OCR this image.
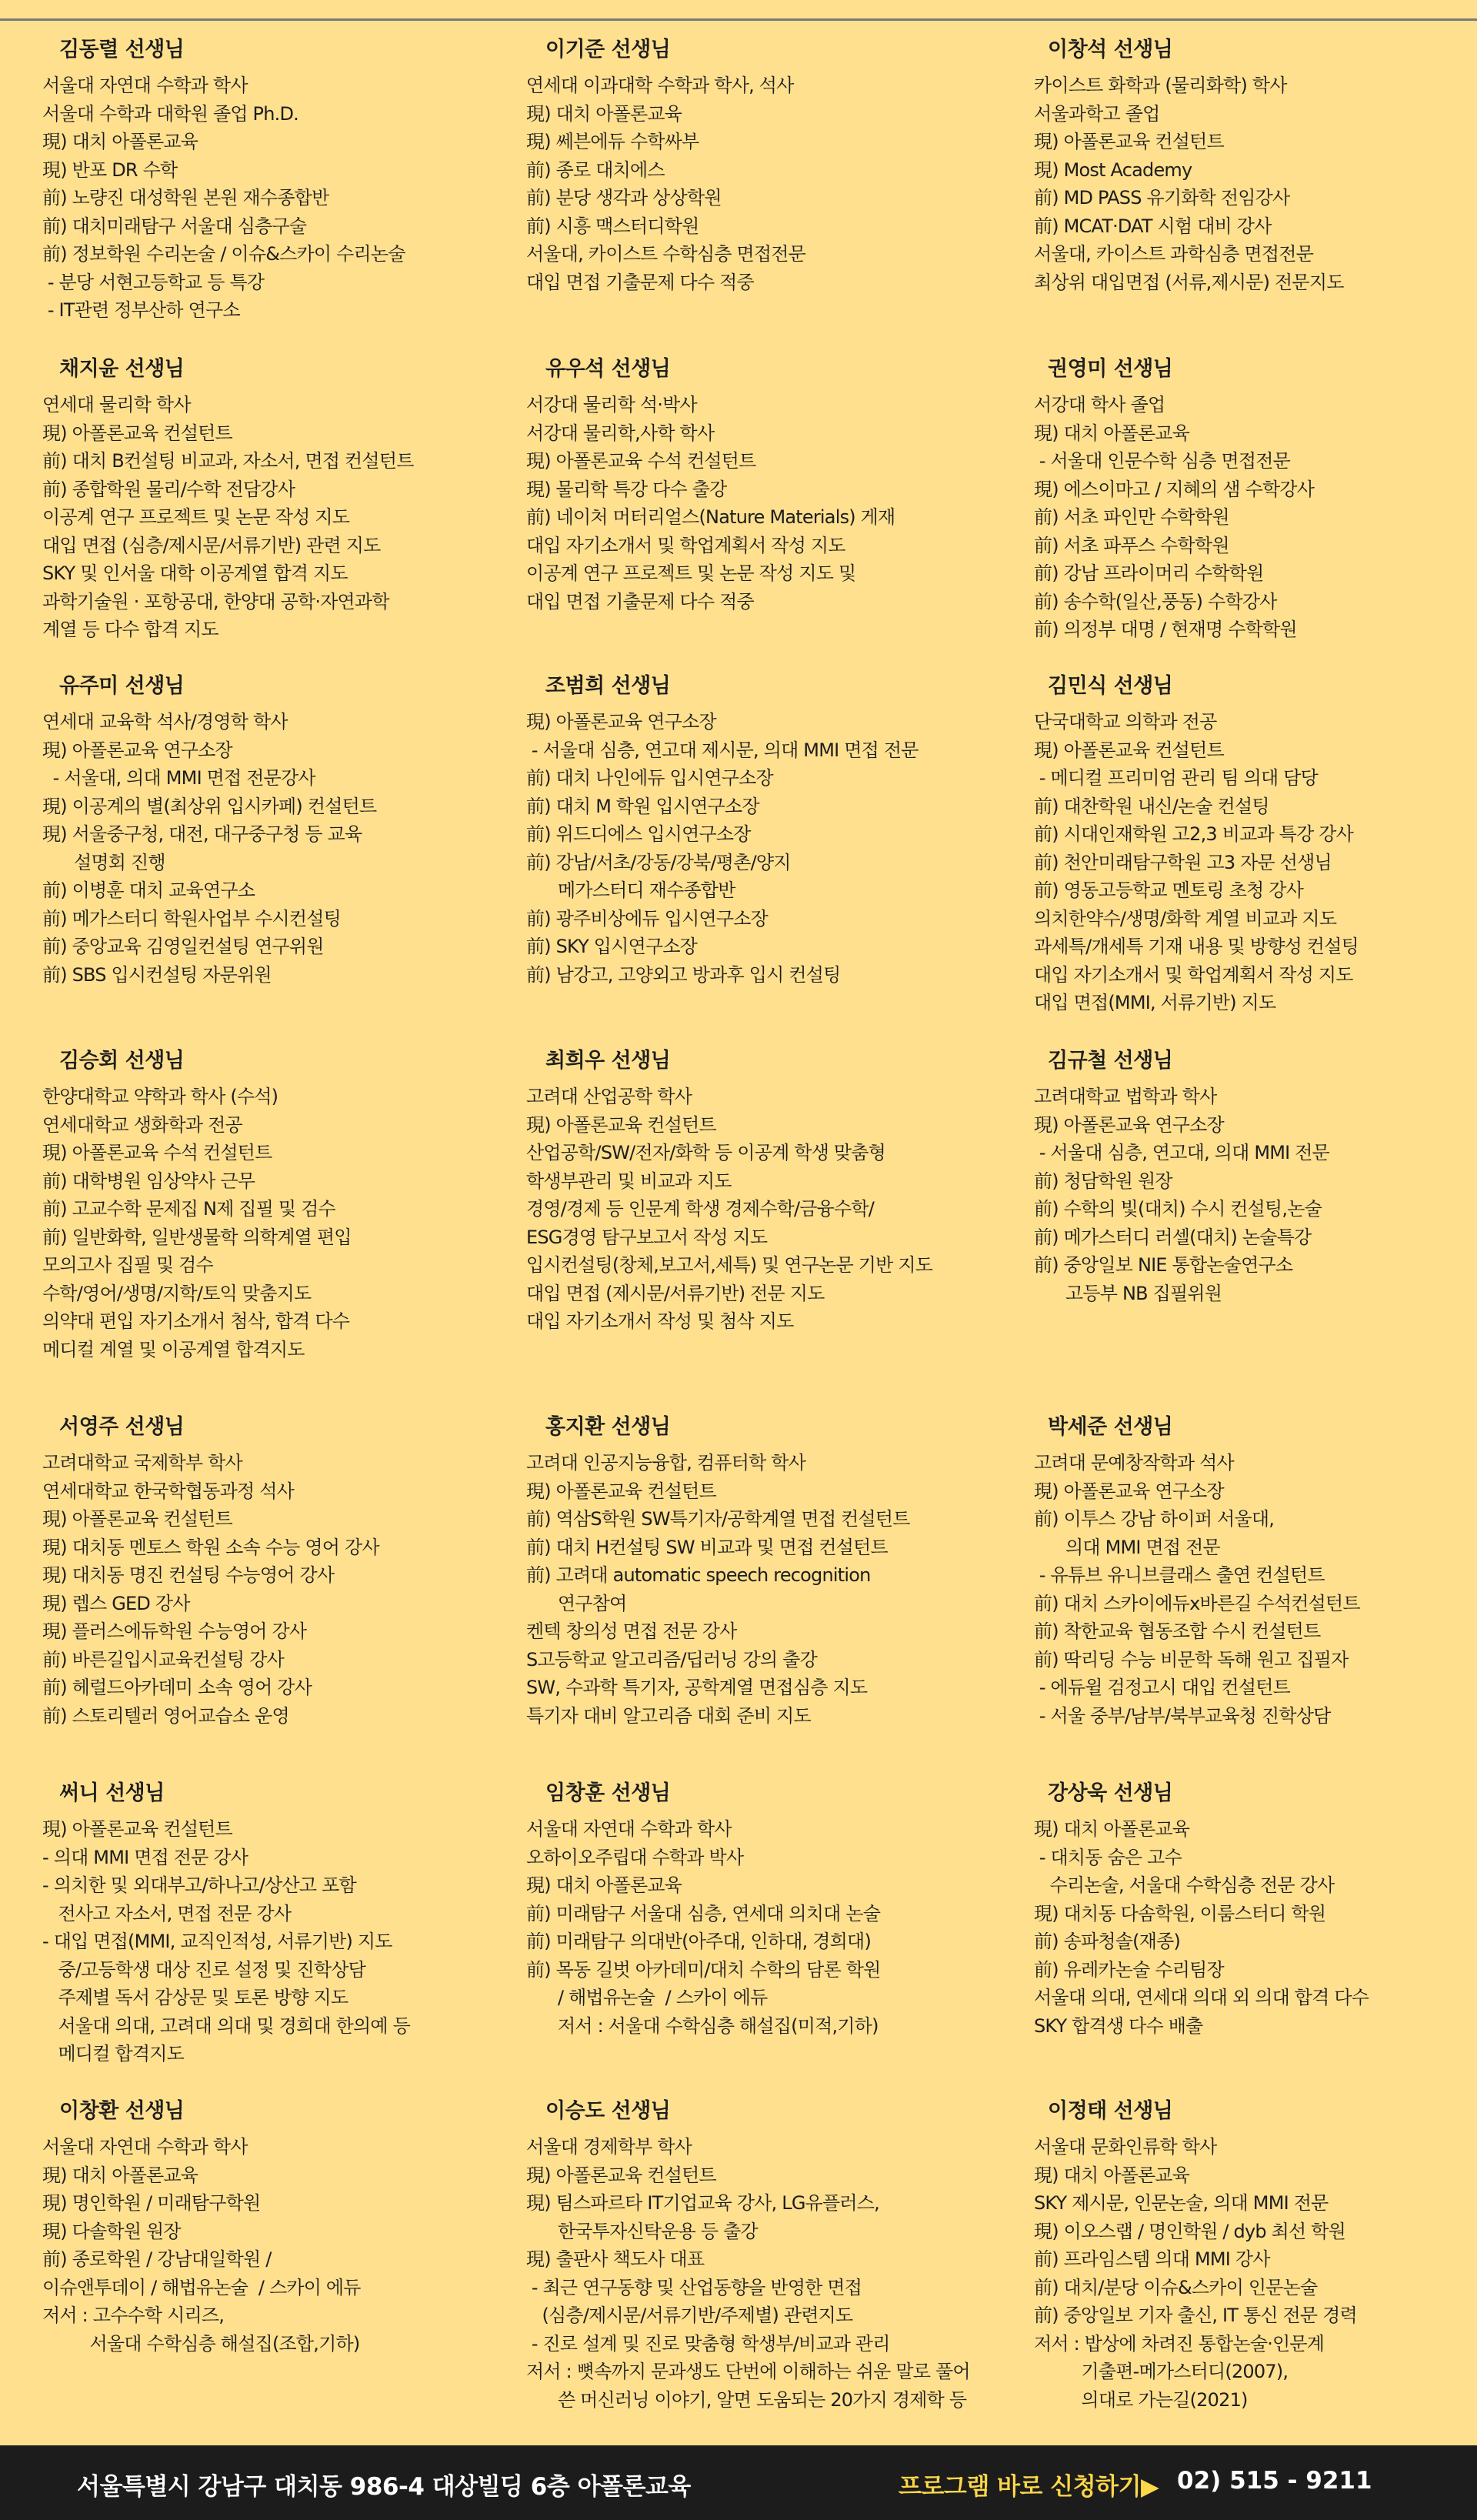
김동렬 선생님
서울대 자연대 수학과 학사
서울대 수학과 대학원 졸업 Ph.D.
現) 대치 아폴론교육
現) 반포 DR 수학
前) 노량진 대성학원 본원 재수종합반
前) 대치미래탐구 서울대 심층구술
前) 정보학원 수리논술 / 이슈&스카이 수리논술
- 분당 서현고등학교 등 특강
- IT관련 정부산하 연구소
이기준 선생님
연세대 이과대학 수학과 학사, 석사
現) 대치 아폴론교육
現) 쎄븐에듀 수학싸부
前) 종로 대치에스
前) 분당 생각과 상상학원
前) 시흥 맥스터디학원
서울대, 카이스트 수학심층 면접전문
대입 면접 기출문제 다수 적중
이창석 선생님
카이스트 화학과 (물리화학) 학사
서울과학고 졸업
現) 아폴론교육 컨설턴트
現) Most Academy
前) MD PASS 유기화학 전임강사
前) MCAT·DAT 시험 대비 강사
서울대, 카이스트 과학심층 면접전문
최상위 대입면접 (서류,제시문) 전문지도
채지윤 선생님
연세대 물리학 학사
現) 아폴론교육 컨설턴트
前) 대치 B컨설팅 비교과, 자소서, 면접 컨설턴트
前) 종합학원 물리/수학 전담강사
이공계 연구 프로젝트 및 논문 작성 지도
대입 면접 (심층/제시문/서류기반) 관련 지도
SKY 및 인서울 대학 이공계열 합격 지도
과학기술원 · 포항공대, 한양대 공학·자연과학
계열 등 다수 합격 지도
유우석 선생님
서강대 물리학 석·박사
서강대 물리학,사학 학사
現) 아폴론교육 수석 컨설턴트
現) 물리학 특강 다수 출강
前) 네이처 머터리얼스(Nature Materials) 게재
대입 자기소개서 및 학업계획서 작성 지도
이공계 연구 프로젝트 및 논문 작성 지도 및
대입 면접 기출문제 다수 적중
권영미 선생님
서강대 학사 졸업
現) 대치 아폴론교육
- 서울대 인문수학 심층 면접전문
現) 에스이마고 / 지혜의 샘 수학강사
前) 서초 파인만 수학학원
前) 서초 파푸스 수학학원
前) 강남 프라이머리 수학학원
前) 송수학(일산,풍동) 수학강사
前) 의정부 대명 / 현재명 수학학원
유주미 선생님
연세대 교육학 석사/경영학 학사
現) 아폴론교육 연구소장
- 서울대, 의대 MMI 면접 전문강사
現) 이공계의 별(최상위 입시카페) 컨설턴트
現) 서울중구청, 대전, 대구중구청 등 교육
설명회 진행
前) 이병훈 대치 교육연구소
前) 메가스터디 학원사업부 수시컨설팅
前) 중앙교육 김영일컨설팅 연구위원
前) SBS 입시컨설팅 자문위원
조범희 선생님
現) 아폴론교육 연구소장
- 서울대 심층, 연고대 제시문, 의대 MMI 면접 전문
前) 대치 나인에듀 입시연구소장
前) 대치 M 학원 입시연구소장
前) 위드디에스 입시연구소장
前) 강남/서초/강동/강북/평촌/양지
메가스터디 재수종합반
前) 광주비상에듀 입시연구소장
前) SKY 입시연구소장
前) 남강고, 고양외고 방과후 입시 컨설팅
김민식 선생님
단국대학교 의학과 전공
現) 아폴론교육 컨설턴트
- 메디컬 프리미엄 관리 팀 의대 담당
前) 대찬학원 내신/논술 컨설팅
前) 시대인재학원 고2,3 비교과 특강 강사
前) 천안미래탐구학원 고3 자문 선생님
前) 영동고등학교 멘토링 초청 강사
의치한약수/생명/화학 계열 비교과 지도
과세특/개세특 기재 내용 및 방향성 컨설팅
대입 자기소개서 및 학업계획서 작성 지도
대입 면접(MMI, 서류기반) 지도
김승회 선생님
한양대학교 약학과 학사 (수석)
연세대학교 생화학과 전공
現) 아폴론교육 수석 컨설턴트
前) 대학병원 임상약사 근무
前) 고교수학 문제집 N제 집필 및 검수
前) 일반화학, 일반생물학 의학계열 편입
모의고사 집필 및 검수
수학/영어/생명/지학/토익 맞춤지도
의약대 편입 자기소개서 첨삭, 합격 다수
메디컬 계열 및 이공계열 합격지도
최희우 선생님
고려대 산업공학 학사
現) 아폴론교육 컨설턴트
산업공학/SW/전자/화학 등 이공계 학생 맞춤형
학생부관리 및 비교과 지도
경영/경제 등 인문계 학생 경제수학/금융수학/
ESG경영 탐구보고서 작성 지도
입시컨설팅(창체,보고서,세특) 및 연구논문 기반 지도
대입 면접 (제시문/서류기반) 전문 지도
대입 자기소개서 작성 및 첨삭 지도
김규철 선생님
고려대학교 법학과 학사
現) 아폴론교육 연구소장
- 서울대 심층, 연고대, 의대 MMI 전문
前) 청담학원 원장
前) 수학의 빛(대치) 수시 컨설팅,논술
前) 메가스터디 러셀(대치) 논술특강
前) 중앙일보 NIE 통합논술연구소
고등부 NB 집필위원
서영주 선생님
고려대학교 국제학부 학사
연세대학교 한국학협동과정 석사
現) 아폴론교육 컨설턴트
現) 대치동 멘토스 학원 소속 수능 영어 강사
現) 대치동 명진 컨설팅 수능영어 강사
現) 렙스 GED 강사
現) 플러스에듀학원 수능영어 강사
前) 바른길입시교육컨설팅 강사
前) 헤럴드아카데미 소속 영어 강사
前) 스토리텔러 영어교습소 운영
홍지환 선생님
고려대 인공지능융합, 컴퓨터학 학사
現) 아폴론교육 컨설턴트
前) 역삼S학원 SW특기자/공학계열 면접 컨설턴트
前) 대치 H컨설팅 SW 비교과 및 면접 컨설턴트
前) 고려대 automatic speech recognition
연구참여
켄텍 창의성 면접 전문 강사
S고등학교 알고리즘/딥러닝 강의 출강
SW, 수과학 특기자, 공학계열 면접심층 지도
특기자 대비 알고리즘 대회 준비 지도
박세준 선생님
고려대 문예창작학과 석사
現) 아폴론교육 연구소장
前) 이투스 강남 하이퍼 서울대,
의대 MMI 면접 전문
- 유튜브 유니브클래스 출연 컨설턴트
前) 대치 스카이에듀x바른길 수석컨설턴트
前) 착한교육 협동조합 수시 컨설턴트
前) 딱리딩 수능 비문학 독해 원고 집필자
- 에듀윌 검정고시 대입 컨설턴트
- 서울 중부/남부/북부교육청 진학상담
써니 선생님
現) 아폴론교육 컨설턴트
- 의대 MMI 면접 전문 강사
- 의치한 및 외대부고/하나고/상산고 포함
전사고 자소서, 면접 전문 강사
- 대입 면접(MMI, 교직인적성, 서류기반) 지도
중/고등학생 대상 진로 설정 및 진학상담
주제별 독서 감상문 및 토론 방향 지도
서울대 의대, 고려대 의대 및 경희대 한의예 등
메디컬 합격지도
임창훈 선생님
서울대 자연대 수학과 학사
오하이오주립대 수학과 박사
現) 대치 아폴론교육
前) 미래탐구 서울대 심층, 연세대 의치대 논술
前) 미래탐구 의대반(아주대, 인하대, 경희대)
前) 목동 길벗 아카데미/대치 수학의 담론 학원
/ 해법유논술  / 스카이 에듀
저서 : 서울대 수학심층 해설집(미적,기하)
강상욱 선생님
現) 대치 아폴론교육
- 대치동 숨은 고수
수리논술, 서울대 수학심층 전문 강사
現) 대치동 다솜학원, 이룸스터디 학원
前) 송파청솔(재종)
前) 유레카논술 수리팀장
서울대 의대, 연세대 의대 외 의대 합격 다수
SKY 합격생 다수 배출
이창환 선생님
서울대 자연대 수학과 학사
現) 대치 아폴론교육
現) 명인학원 / 미래탐구학원
現) 다솔학원 원장
前) 종로학원 / 강남대일학원 /
이슈앤투데이 / 해법유논술  / 스카이 에듀
저서 : 고수수학 시리즈,
서울대 수학심층 해설집(조합,기하)
이승도 선생님
서울대 경제학부 학사
現) 아폴론교육 컨설턴트
現) 팀스파르타 IT기업교육 강사, LG유플러스,
한국투자신탁운용 등 출강
現) 출판사 책도사 대표
- 최근 연구동향 및 산업동향을 반영한 면접
(심층/제시문/서류기반/주제별) 관련지도
- 진로 설계 및 진로 맞춤형 학생부/비교과 관리
저서 : 뼛속까지 문과생도 단번에 이해하는 쉬운 말로 풀어
쓴 머신러닝 이야기, 알면 도움되는 20가지 경제학 등
이정태 선생님
서울대 문화인류학 학사
現) 대치 아폴론교육
SKY 제시문, 인문논술, 의대 MMI 전문
現) 이오스랩 / 명인학원 / dyb 최선 학원
前) 프라임스템 의대 MMI 강사
前) 대치/분당 이슈&스카이 인문논술
前) 중앙일보 기자 출신, IT 통신 전문 경력
저서 : 밥상에 차려진 통합논술·인문계
기출편-메가스터디(2007),
의대로 가는길(2021)
서울특별시 강남구 대치동 986-4 대상빌딩 6층 아폴론교육	프로그램 바로 신청하기▶ 02) 515 - 9211
